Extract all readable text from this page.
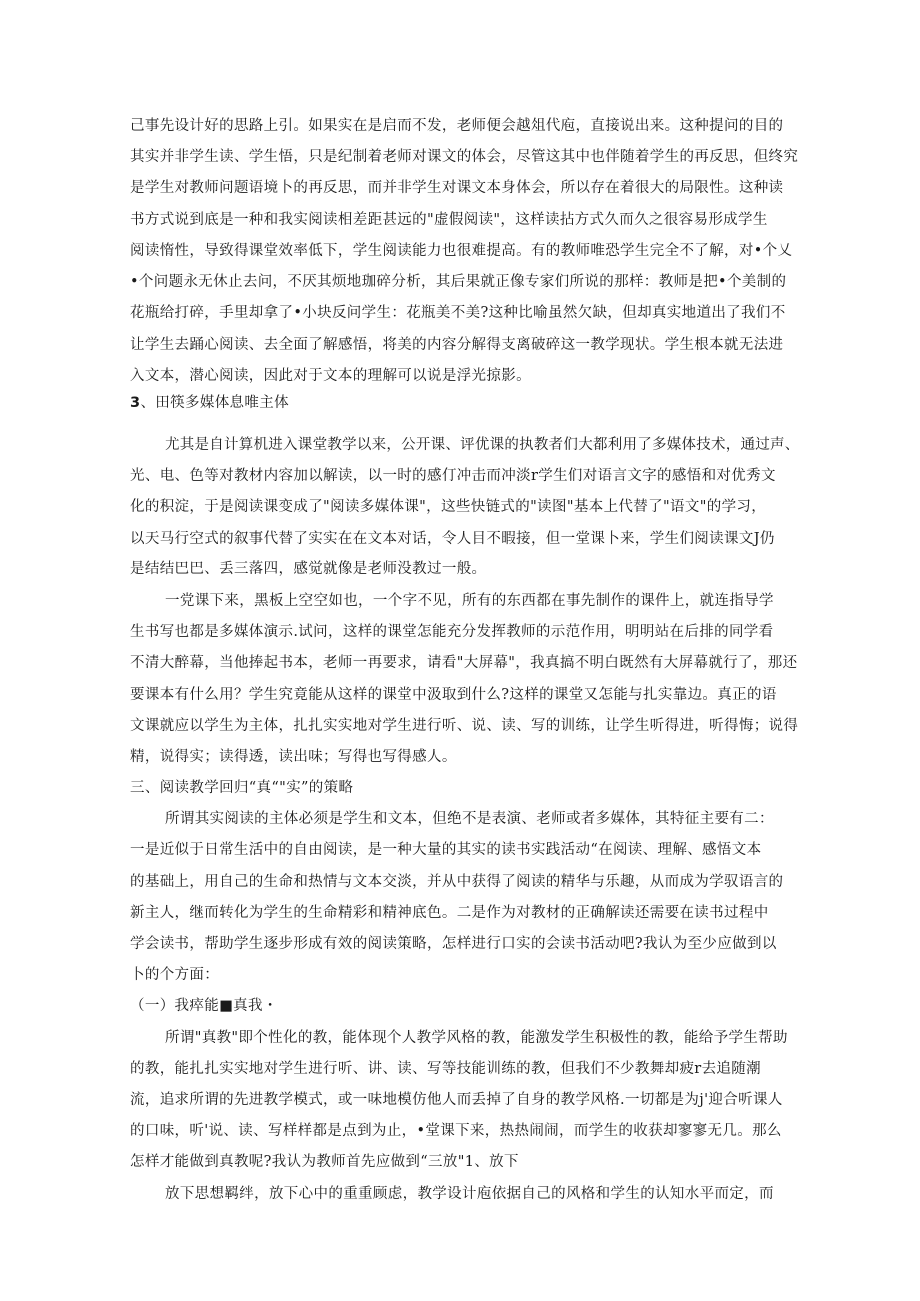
己事先设计好的思路上引。如果实在是启而不发，老师便会越俎代庖，直接说出来。这种提问的目的
其实并非学生读、学生悟，只是纪制着老师对课文的体会，尽管这其中也伴随着学生的再反思，但终究
是学生对教师问题语境卜的再反思，而并非学生对课文本身体会，所以存在着很大的局限性。这种读
书方式说到底是一种和我实阅读相差距甚远的"虚假阅读"，这样读拈方式久而久之很容易形成学生
阅读惰性，导致得课堂效率低下，学生阅读能力也很难提高。有的教师唯恐学生完全不了解，对•个乂
•个问题永无休止去问，不厌其烦地珈碎分析，其后果就正像专家们所说的那样：教师是把•个美制的
花瓶给打碎，手里却拿了•小块反问学生：花瓶美不美?这种比喻虽然欠缺，但却真实地道出了我们不
让学生去踊心阅读、去全面了解感悟，将美的内容分解得支离破碎这一教学现状。学生根本就无法进
入文本，潜心阅读，因此对于文本的理解可以说是浮光掠影。
3、田筷多媒体息唯主体
尤其是自计算机进入课堂教学以来，公开课、评优课的执教者们大都利用了多媒体技术，通过声、
光、电、色等对教材内容加以解读，以一时的感仃冲击而冲淡r学生们对语言文字的感悟和对优秀文
化的积淀，于是阅读课变成了"阅读多媒体课"，这些快链式的"读图"基本上代替了"语文"的学习，
以天马行空式的叙事代替了实实在在文本对话，令人目不暇接，但一堂课卜来，学生们阅读课文J仍
是结结巴巴、丢三落四，感觉就像是老师没教过一般。
一党课下来，黑板上空空如也，一个字不见，所有的东西都在事先制作的课件上，就连指导学
生书写也都是多媒体演示.试问，这样的课堂怎能充分发挥教师的示范作用，明明站在后排的同学看
不清大醉幕，当他捧起书本，老师一再要求，请看"大屏幕"，我真搞不明白既然有大屏幕就行了，那还
要课本有什么用？学生究竟能从这样的课堂中汲取到什么?这样的课堂又怎能与扎实靠边。真正的语
文课就应以学生为主体，扎扎实实地对学生进行听、说、读、写的训练，让学生听得进，听得悔；说得
精，说得实；读得透，读出味；写得也写得感人。
三、阅读教学回归“真“"实”的策略
所谓其实阅读的主体必须是学生和文本，但绝不是表演、老师或者多媒体，其特征主要有二：
一是近似于日常生活中的自由阅读，是一种大量的其实的读书实践活动“在阅读、理解、感悟文本
的基础上，用自己的生命和热情与文本交淡，并从中获得了阅读的精华与乐趣，从而成为学驭语言的
新主人，继而转化为学生的生命精彩和精神底色。二是作为对教材的正确解读还需要在读书过程中
学会读书，帮助学生逐步形成有效的阅读策略，怎样进行口实的会读书活动吧?我认为至少应做到以
卜的个方面：
（一）我瘁能■真我・
所谓"真教"即个性化的教，能体现个人教学风格的教，能激发学生积极性的教，能给予学生帮助
的教，能扎扎实实地对学生进行听、讲、读、写等技能训练的教，但我们不少教舞却疲r去追随潮
流，追求所谓的先进教学模式，或一味地模仿他人而丢掉了自身的教学风格.一切都是为j'迎合听课人
的口味，听'说、读、写样样都是点到为止，•堂课下来，热热闹闹，而学生的收获却寥寥无几。那么
怎样才能做到真教呢?我认为教师首先应做到“三放"1、放下
放下思想羁绊，放下心中的重重顾虑，教学设计庖依据自己的风格和学生的认知水平而定，而
